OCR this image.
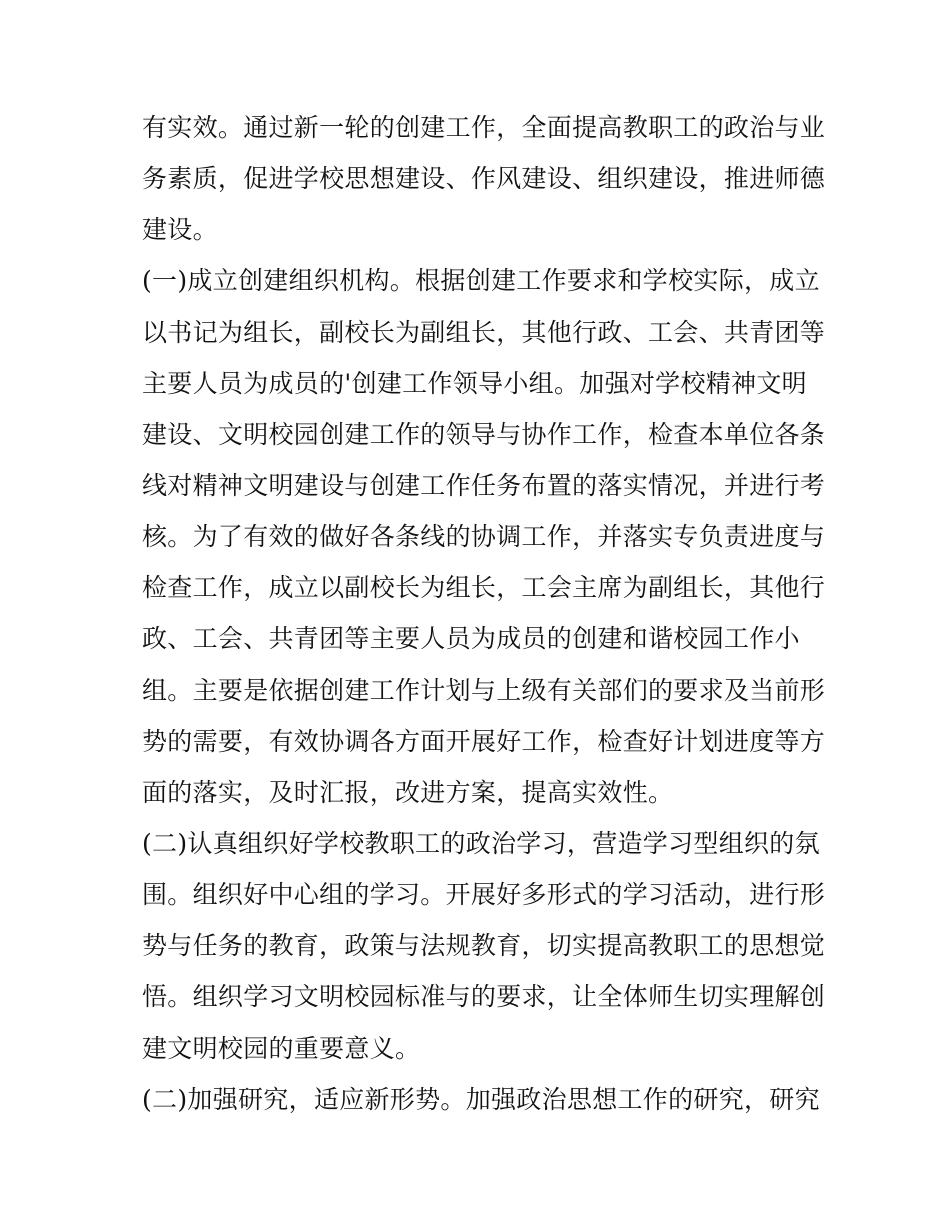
有实效。通过新一轮的创建工作，全面提高教职工的政治与业
务素质，促进学校思想建设、作风建设、组织建设，推进师德
建设。
(一)成立创建组织机构。根据创建工作要求和学校实际，成立
以书记为组长，副校长为副组长，其他行政、工会、共青团等
主要人员为成员的'创建工作领导小组。加强对学校精神文明
建设、文明校园创建工作的领导与协作工作，检查本单位各条
线对精神文明建设与创建工作任务布置的落实情况，并进行考
核。为了有效的做好各条线的协调工作，并落实专负责进度与
检查工作，成立以副校长为组长，工会主席为副组长，其他行
政、工会、共青团等主要人员为成员的创建和谐校园工作小
组。主要是依据创建工作计划与上级有关部们的要求及当前形
势的需要，有效协调各方面开展好工作，检查好计划进度等方
面的落实，及时汇报，改进方案，提高实效性。
(二)认真组织好学校教职工的政治学习，营造学习型组织的氛
围。组织好中心组的学习。开展好多形式的学习活动，进行形
势与任务的教育，政策与法规教育，切实提高教职工的思想觉
悟。组织学习文明校园标准与的要求，让全体师生切实理解创
建文明校园的重要意义。
(二)加强研究，适应新形势。加强政治思想工作的研究，研究
